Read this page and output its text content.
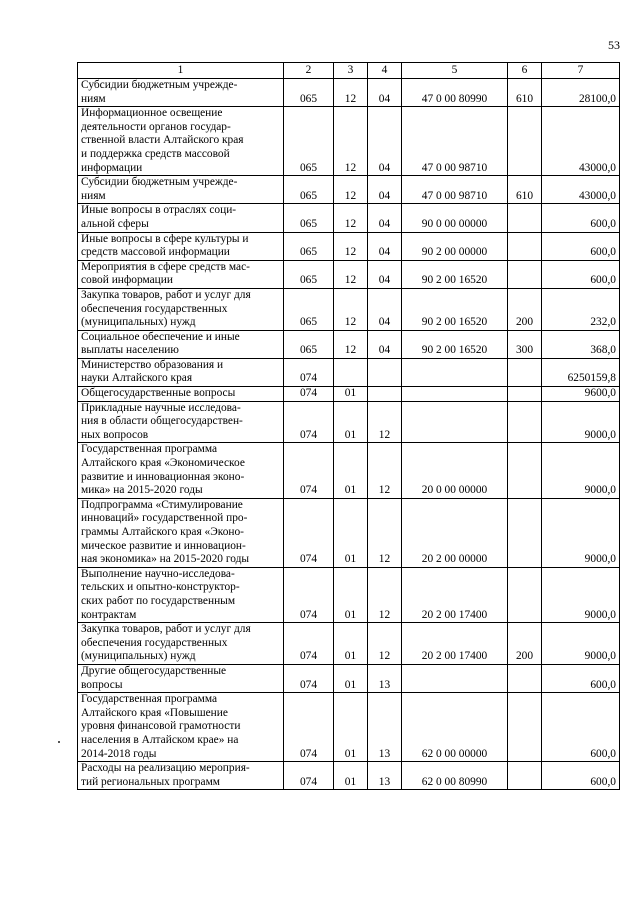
53
1	2	3	4	5	6	7
Субсидии бюджетным учрежде-
ниям	065	12	04	47 0 00 80990	610	28100,0
Информационное освещение
деятельности органов государ-
ственной власти Алтайского края
и поддержка средств массовой
информации	065	12	04	47 0 00 98710		43000,0
Субсидии бюджетным учрежде-
ниям	065	12	04	47 0 00 98710	610	43000,0
Иные вопросы в отраслях соци-
альной сферы	065	12	04	90 0 00 00000		600,0
Иные вопросы в сфере культуры и
средств массовой информации	065	12	04	90 2 00 00000		600,0
Мероприятия в сфере средств мас-
совой информации	065	12	04	90 2 00 16520		600,0
Закупка товаров, работ и услуг для
обеспечения государственных
(муниципальных) нужд	065	12	04	90 2 00 16520	200	232,0
Социальное обеспечение и иные
выплаты населению	065	12	04	90 2 00 16520	300	368,0
Министерство образования и
науки Алтайского края	074					6250159,8
Общегосударственные вопросы	074	01				9600,0
Прикладные научные исследова-
ния в области общегосударствен-
ных вопросов	074	01	12			9000,0
Государственная программа
Алтайского края «Экономическое
развитие и инновационная эконо-
мика» на 2015-2020 годы	074	01	12	20 0 00 00000		9000,0
Подпрограмма «Стимулирование
инноваций» государственной про-
граммы Алтайского края «Эконо-
мическое развитие и инновацион-
ная экономика» на 2015-2020 годы	074	01	12	20 2 00 00000		9000,0
Выполнение научно-исследова-
тельских и опытно-конструктор-
ских работ по государственным
контрактам	074	01	12	20 2 00 17400		9000,0
Закупка товаров, работ и услуг для
обеспечения государственных
(муниципальных) нужд	074	01	12	20 2 00 17400	200	9000,0
Другие общегосударственные
вопросы	074	01	13			600,0
Государственная программа
Алтайского края «Повышение
уровня финансовой грамотности
населения в Алтайском крае» на
2014-2018 годы	074	01	13	62 0 00 00000		600,0
Расходы на реализацию мероприя-
тий региональных программ	074	01	13	62 0 00 80990		600,0
